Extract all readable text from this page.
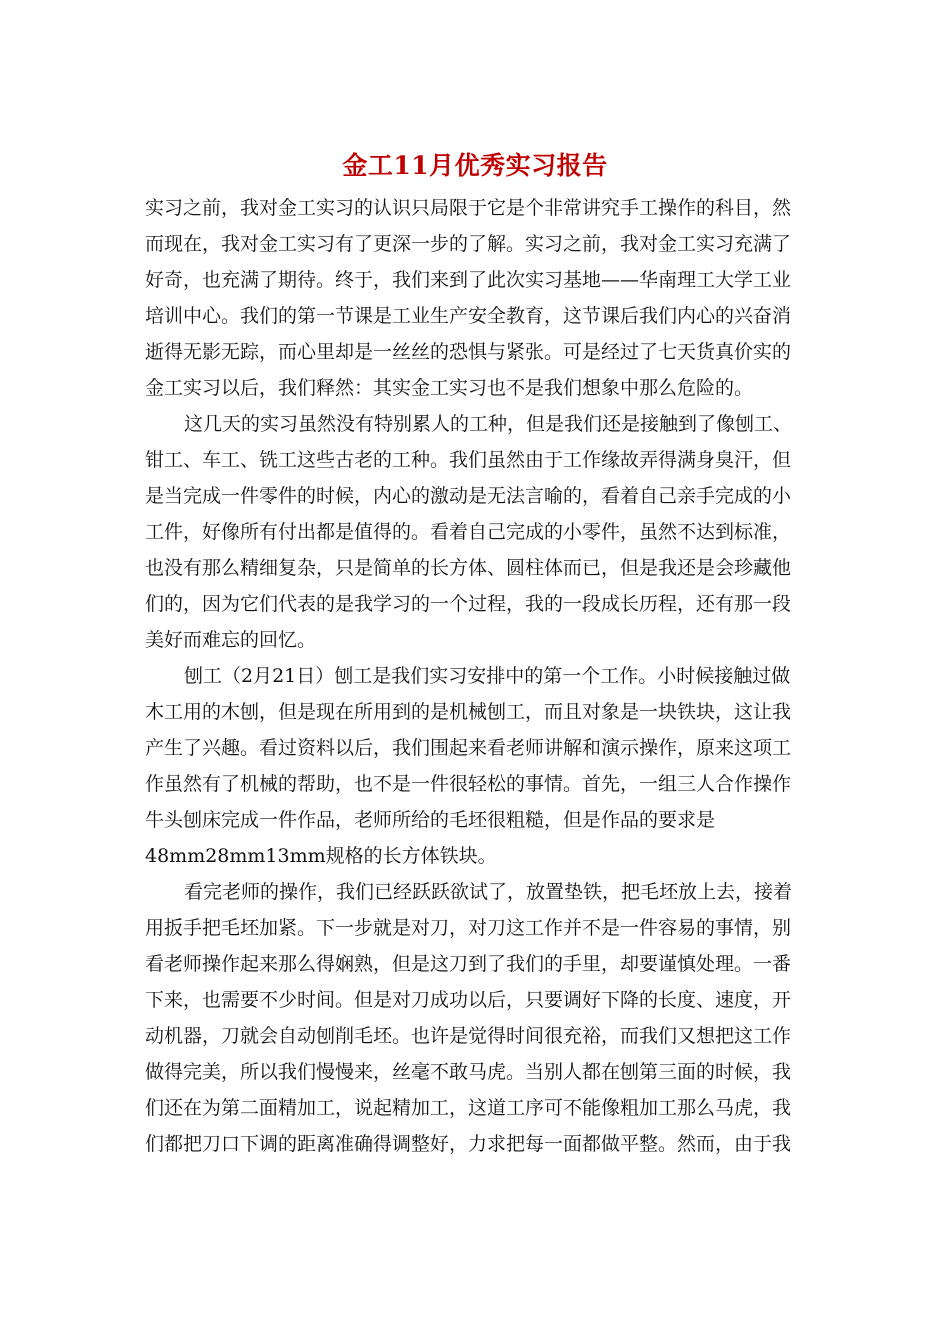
金工11月优秀实习报告
实习之前，我对金工实习的认识只局限于它是个非常讲究手工操作的科目，然
而现在，我对金工实习有了更深一步的了解。实习之前，我对金工实习充满了
好奇，也充满了期待。终于，我们来到了此次实习基地——华南理工大学工业
培训中心。我们的第一节课是工业生产安全教育，这节课后我们内心的兴奋消
逝得无影无踪，而心里却是一丝丝的恐惧与紧张。可是经过了七天货真价实的
金工实习以后，我们释然：其实金工实习也不是我们想象中那么危险的。
这几天的实习虽然没有特别累人的工种，但是我们还是接触到了像刨工、
钳工、车工、铣工这些古老的工种。我们虽然由于工作缘故弄得满身臭汗，但
是当完成一件零件的时候，内心的激动是无法言喻的，看着自己亲手完成的小
工件，好像所有付出都是值得的。看着自己完成的小零件，虽然不达到标准，
也没有那么精细复杂，只是简单的长方体、圆柱体而已，但是我还是会珍藏他
们的，因为它们代表的是我学习的一个过程，我的一段成长历程，还有那一段
美好而难忘的回忆。
刨工（2月21日）刨工是我们实习安排中的第一个工作。小时候接触过做
木工用的木刨，但是现在所用到的是机械刨工，而且对象是一块铁块，这让我
产生了兴趣。看过资料以后，我们围起来看老师讲解和演示操作，原来这项工
作虽然有了机械的帮助，也不是一件很轻松的事情。首先，一组三人合作操作
牛头刨床完成一件作品，老师所给的毛坯很粗糙，但是作品的要求是
48mm28mm13mm规格的长方体铁块。
看完老师的操作，我们已经跃跃欲试了，放置垫铁，把毛坯放上去，接着
用扳手把毛坯加紧。下一步就是对刀，对刀这工作并不是一件容易的事情，别
看老师操作起来那么得娴熟，但是这刀到了我们的手里，却要谨慎处理。一番
下来，也需要不少时间。但是对刀成功以后，只要调好下降的长度、速度，开
动机器，刀就会自动刨削毛坯。也许是觉得时间很充裕，而我们又想把这工作
做得完美，所以我们慢慢来，丝毫不敢马虎。当别人都在刨第三面的时候，我
们还在为第二面精加工，说起精加工，这道工序可不能像粗加工那么马虎，我
们都把刀口下调的距离准确得调整好，力求把每一面都做平整。然而，由于我
